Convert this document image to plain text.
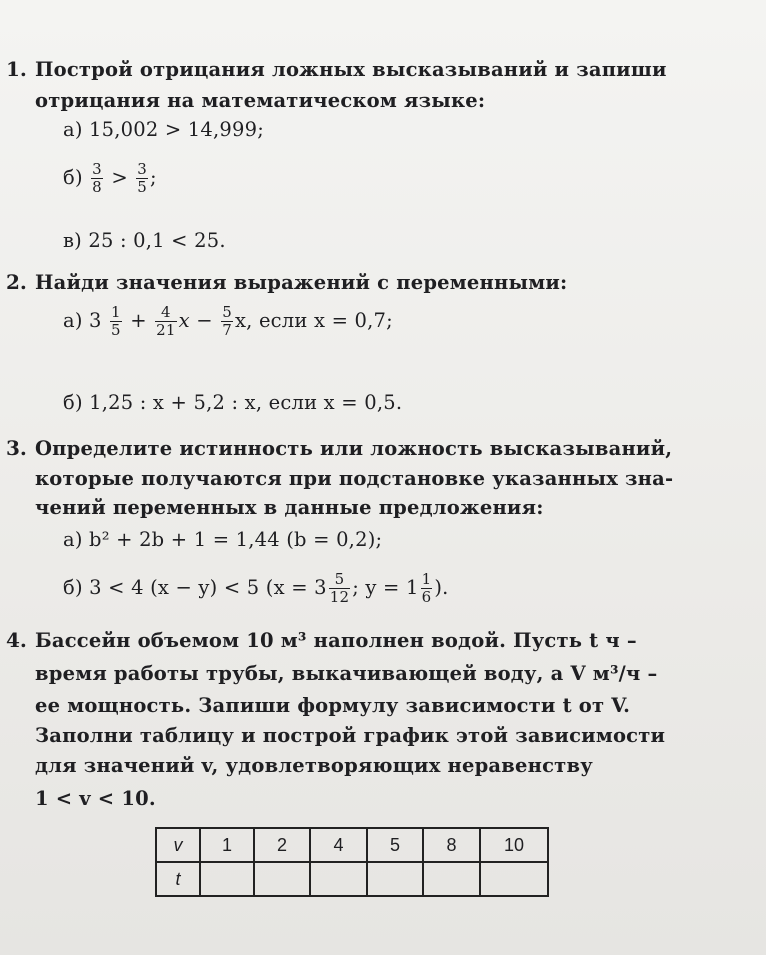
1. Построй отрицания ложных высказываний и запиши
отрицания на математическом языке:
а) 15,002 > 14,999;
$б) \frac{3}{8} > \frac{3}{5}$ ;
в) 25 : 0,1 < 25.
2. Найди значения выражений с переменными:
а) $3 \frac{1}{5} + \frac{4}{21}$ $x - \frac{5}{7} x$, если x = 0,7;
б) 1,25 : x + 5,2 : x, если x = 0,5.
3. Определите истинность или ложность высказываний,
которые получаются при подстановке указанных зна-
чений переменных в данные предложения:
а) b² + 2b + 1 = 1,44 (b = 0,2);
б) 3 < 4 (x − y) < 5 ($x = 3 \frac{5}{12}$ ; $y = 1 \frac{1}{6}$ ).
4. Бассейн объемом 10 м³ наполнен водой. Пусть t ч –
время работы трубы, выкачивающей воду, а V м³/ч –
ее мощность. Запиши формулу зависимости t от V.
Заполни таблицу и построй график этой зависимости
для значений v, удовлетворяющих неравенству
1 < v < 10.
v	1	2	4	5	8	10
t						
